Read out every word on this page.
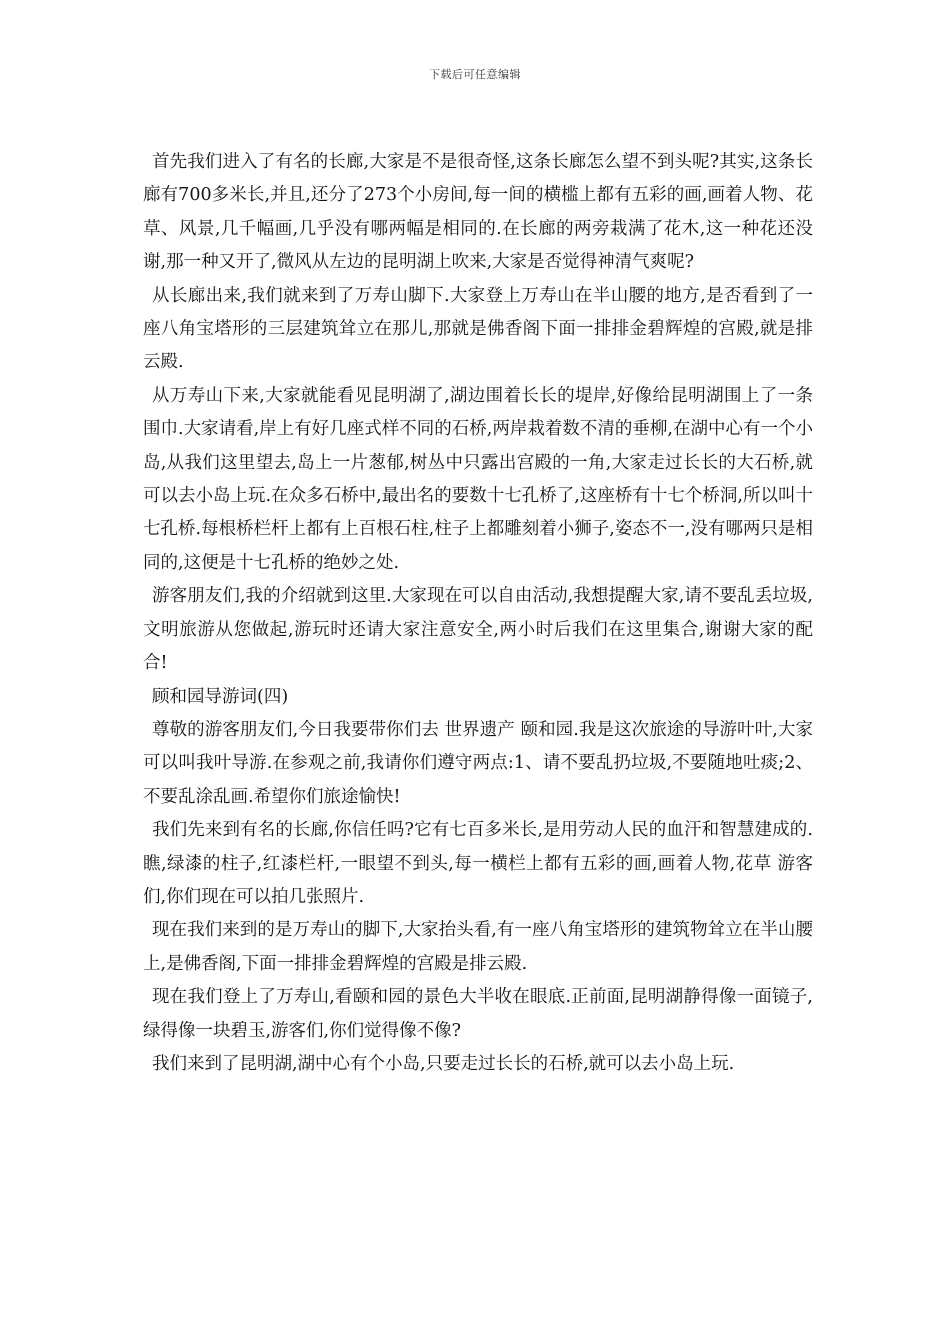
下载后可任意编辑

首先我们进入了有名的长廊,大家是不是很奇怪,这条长廊怎么望不到头呢?其实,这条长廊有700多米长,并且,还分了273个小房间,每一间的横槛上都有五彩的画,画着人物、花草、风景,几千幅画,几乎没有哪两幅是相同的.在长廊的两旁栽满了花木,这一种花还没谢,那一种又开了,微风从左边的昆明湖上吹来,大家是否觉得神清气爽呢?

从长廊出来,我们就来到了万寿山脚下.大家登上万寿山在半山腰的地方,是否看到了一座八角宝塔形的三层建筑耸立在那儿,那就是佛香阁下面一排排金碧辉煌的宫殿,就是排云殿.

从万寿山下来,大家就能看见昆明湖了,湖边围着长长的堤岸,好像给昆明湖围上了一条围巾.大家请看,岸上有好几座式样不同的石桥,两岸栽着数不清的垂柳,在湖中心有一个小岛,从我们这里望去,岛上一片葱郁,树丛中只露出宫殿的一角,大家走过长长的大石桥,就可以去小岛上玩.在众多石桥中,最出名的要数十七孔桥了,这座桥有十七个桥洞,所以叫十七孔桥.每根桥栏杆上都有上百根石柱,柱子上都雕刻着小狮子,姿态不一,没有哪两只是相同的,这便是十七孔桥的绝妙之处.

游客朋友们,我的介绍就到这里.大家现在可以自由活动,我想提醒大家,请不要乱丢垃圾,文明旅游从您做起,游玩时还请大家注意安全,两小时后我们在这里集合,谢谢大家的配合!

顾和园导游词(四)

尊敬的游客朋友们,今日我要带你们去 世界遗产 颐和园.我是这次旅途的导游叶叶,大家可以叫我叶导游.在参观之前,我请你们遵守两点:1、请不要乱扔垃圾,不要随地吐痰;2、不要乱涂乱画.希望你们旅途愉快!

我们先来到有名的长廊,你信任吗?它有七百多米长,是用劳动人民的血汗和智慧建成的.瞧,绿漆的柱子,红漆栏杆,一眼望不到头,每一横栏上都有五彩的画,画着人物,花草 游客们,你们现在可以拍几张照片.

现在我们来到的是万寿山的脚下,大家抬头看,有一座八角宝塔形的建筑物耸立在半山腰上,是佛香阁,下面一排排金碧辉煌的宫殿是排云殿.

现在我们登上了万寿山,看颐和园的景色大半收在眼底.正前面,昆明湖静得像一面镜子,绿得像一块碧玉,游客们,你们觉得像不像?

我们来到了昆明湖,湖中心有个小岛,只要走过长长的石桥,就可以去小岛上玩.
